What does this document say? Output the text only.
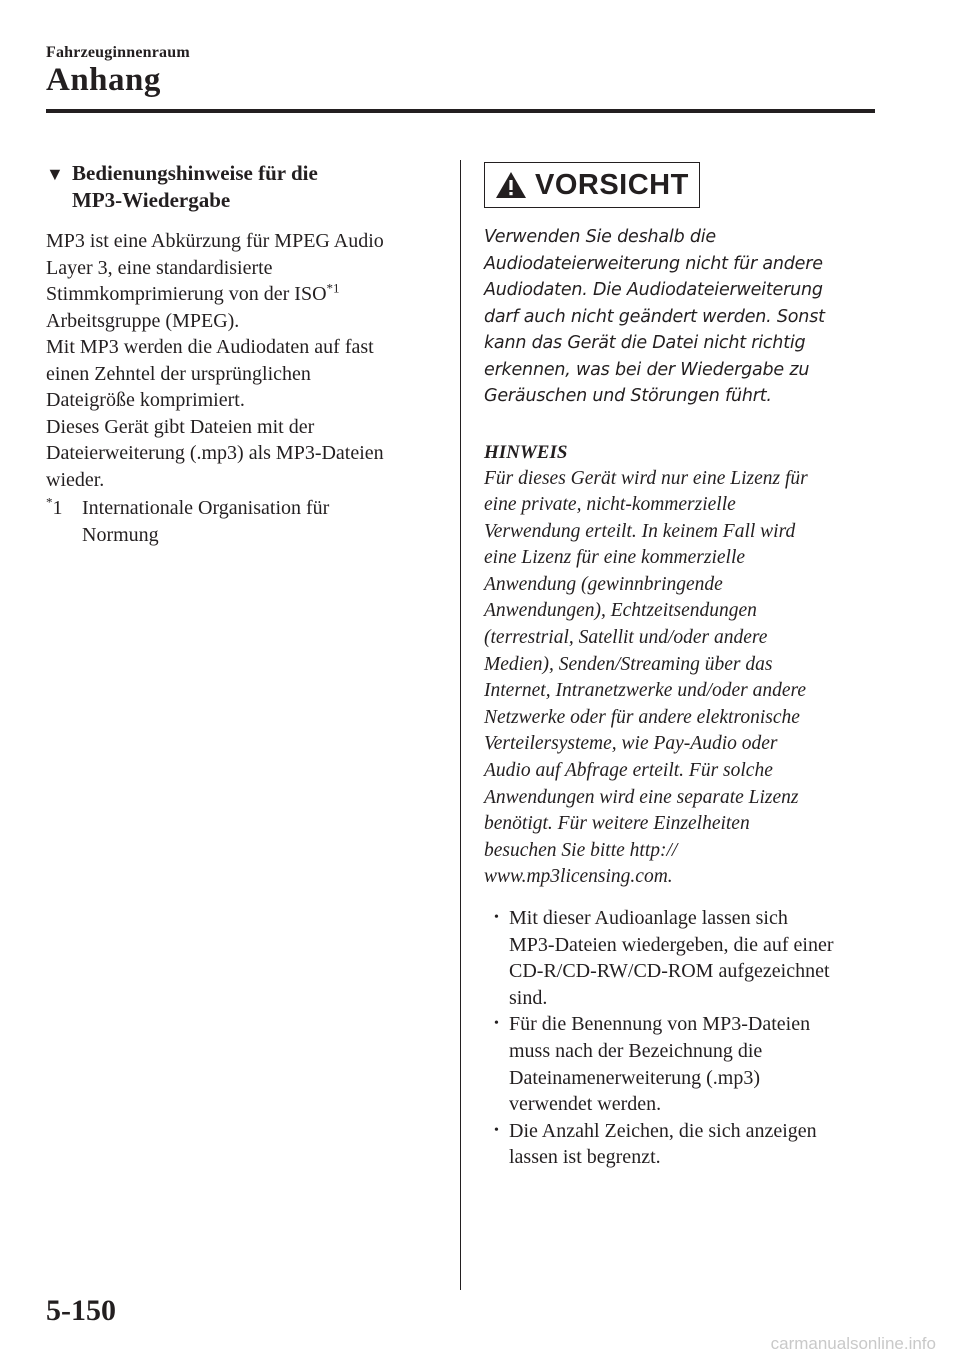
Fahrzeuginnenraum
Anhang
▼ Bedienungshinweise für die
MP3-Wiedergabe
MP3 ist eine Abkürzung für MPEG Audio
Layer 3, eine standardisierte
Stimmkomprimierung von der ISO$^{*1}$
Arbeitsgruppe (MPEG).
Mit MP3 werden die Audiodaten auf fast
einen Zehntel der ursprünglichen
Dateigröße komprimiert.
Dieses Gerät gibt Dateien mit der
Dateierweiterung (.mp3) als MP3-Dateien
wieder.
*1 Internationale Organisation für
Normung
VORSICHT
Verwenden Sie deshalb die
Audiodateierweiterung nicht für andere
Audiodaten. Die Audiodateierweiterung
darf auch nicht geändert werden. Sonst
kann das Gerät die Datei nicht richtig
erkennen, was bei der Wiedergabe zu
Geräuschen und Störungen führt.
HINWEIS
Für dieses Gerät wird nur eine Lizenz für
eine private, nicht-kommerzielle
Verwendung erteilt. In keinem Fall wird
eine Lizenz für eine kommerzielle
Anwendung (gewinnbringende
Anwendungen), Echtzeitsendungen
(terrestrial, Satellit und/oder andere
Medien), Senden/Streaming über das
Internet, Intranetzwerke und/oder andere
Netzwerke oder für andere elektronische
Verteilersysteme, wie Pay-Audio oder
Audio auf Abfrage erteilt. Für solche
Anwendungen wird eine separate Lizenz
benötigt. Für weitere Einzelheiten
besuchen Sie bitte http://
www.mp3licensing.com.
• Mit dieser Audioanlage lassen sich
MP3-Dateien wiedergeben, die auf einer
CD-R/CD-RW/CD-ROM aufgezeichnet
sind.
• Für die Benennung von MP3-Dateien
muss nach der Bezeichnung die
Dateinamenerweiterung (.mp3)
verwendet werden.
• Die Anzahl Zeichen, die sich anzeigen
lassen ist begrenzt.
5-150
carmanualsonline.info
